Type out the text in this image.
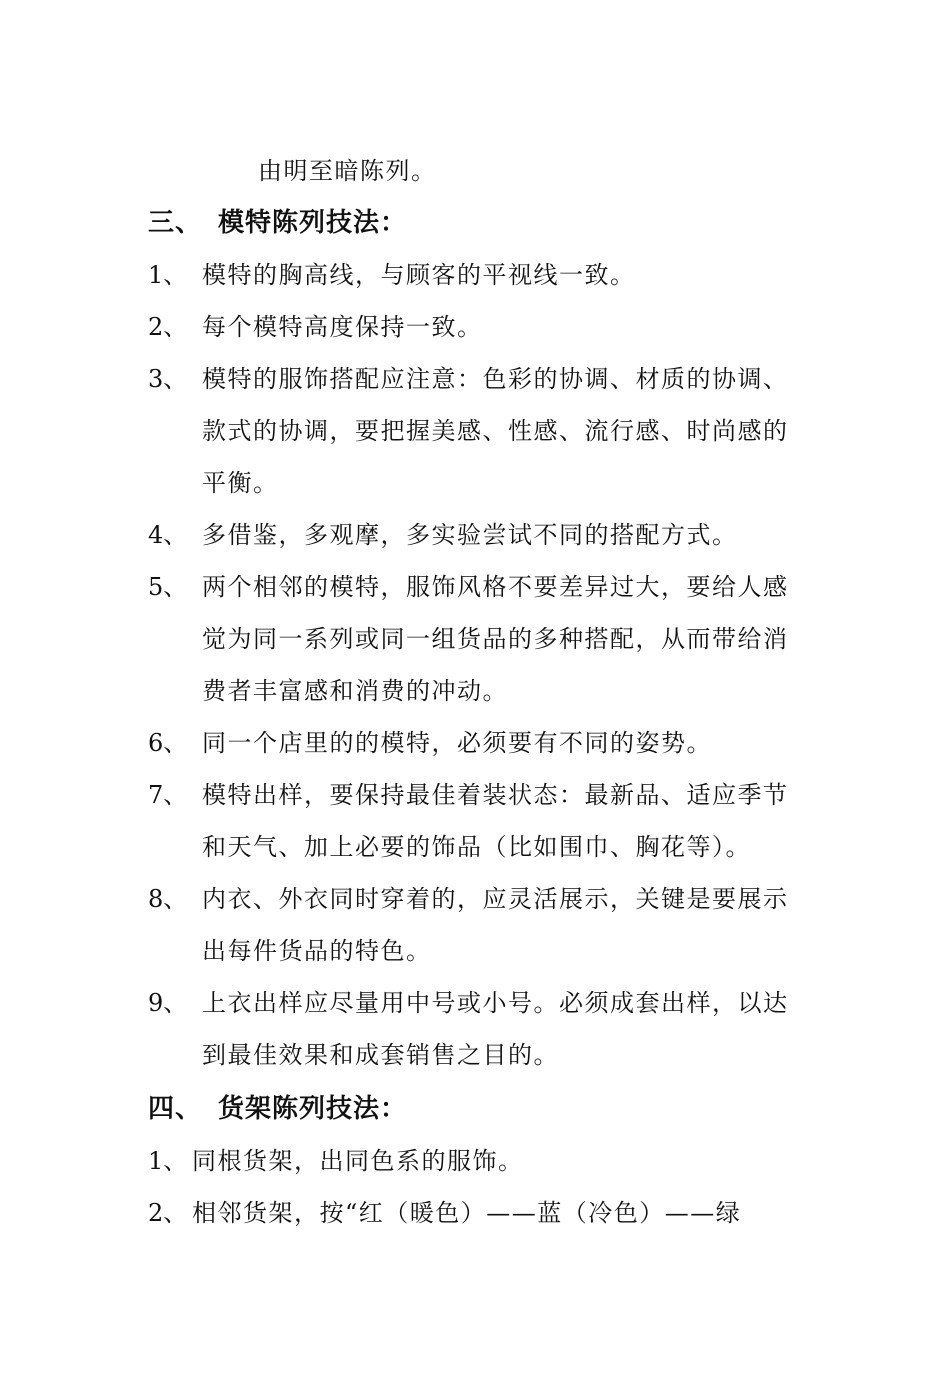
由明至暗陈列。
三、 模特陈列技法：
1、 模特的胸高线，与顾客的平视线一致。
2、 每个模特高度保持一致。
3、 模特的服饰搭配应注意：色彩的协调、材质的协调、
款式的协调，要把握美感、性感、流行感、时尚感的
平衡。
4、 多借鉴，多观摩，多实验尝试不同的搭配方式。
5、 两个相邻的模特，服饰风格不要差异过大，要给人感
觉为同一系列或同一组货品的多种搭配，从而带给消
费者丰富感和消费的冲动。
6、 同一个店里的的模特，必须要有不同的姿势。
7、 模特出样，要保持最佳着装状态：最新品、适应季节
和天气、加上必要的饰品（比如围巾、胸花等）。
8、 内衣、外衣同时穿着的，应灵活展示，关键是要展示
出每件货品的特色。
9、 上衣出样应尽量用中号或小号。必须成套出样，以达
到最佳效果和成套销售之目的。
四、 货架陈列技法：
1、 同根货架，出同色系的服饰。
2、 相邻货架，按“红（暖色）——蓝（冷色）——绿
